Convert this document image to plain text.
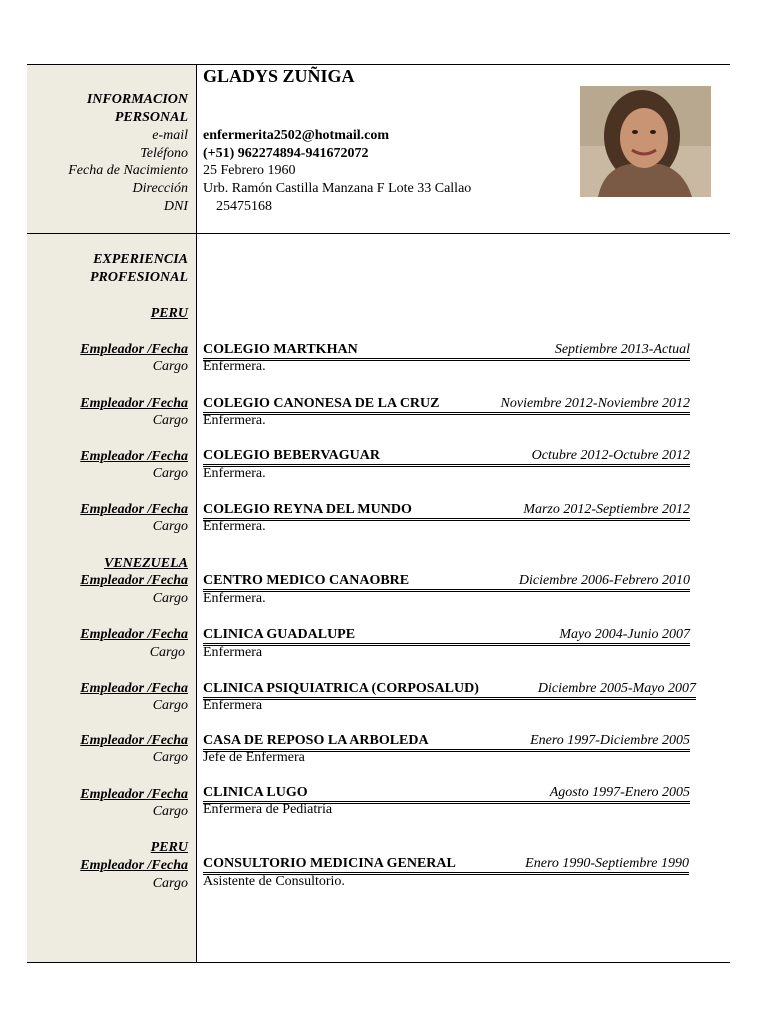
GLADYS ZUÑIGA
INFORMACION
PERSONAL
e-mail enfermerita2502@hotmail.com
Teléfono (+51) 962274894-941672072
Fecha de Nacimiento 25 Febrero 1960
Dirección Urb. Ramón Castilla Manzana F Lote 33 Callao
DNI 25475168
EXPERIENCIA
PROFESIONAL
PERU
Empleador /Fecha COLEGIO MARTKHAN	Septiembre 2013-Actual
Cargo Enfermera.
Empleador /Fecha COLEGIO CANONESA DE LA CRUZ	Noviembre 2012-Noviembre 2012
Cargo Enfermera.
Empleador /Fecha COLEGIO BEBERVAGUAR	Octubre 2012-Octubre 2012
Cargo Enfermera.
Empleador /Fecha COLEGIO REYNA DEL MUNDO	Marzo 2012-Septiembre 2012
Cargo Enfermera.
VENEZUELA
Empleador /Fecha CENTRO MEDICO CANAOBRE	Diciembre 2006-Febrero 2010
Cargo Enfermera.
Empleador /Fecha CLINICA GUADALUPE	Mayo 2004-Junio 2007
Cargo Enfermera
Empleador /Fecha CLINICA PSIQUIATRICA (CORPOSALUD)	Diciembre 2005-Mayo 2007
Cargo Enfermera
Empleador /Fecha CASA DE REPOSO LA ARBOLEDA	Enero 1997-Diciembre 2005
Cargo Jefe de Enfermera
Empleador /Fecha CLINICA LUGO	Agosto 1997-Enero 2005
Cargo Enfermera de Pediatría
PERU
Empleador /Fecha CONSULTORIO MEDICINA GENERAL	Enero 1990-Septiembre 1990
Cargo Asistente de Consultorio.
